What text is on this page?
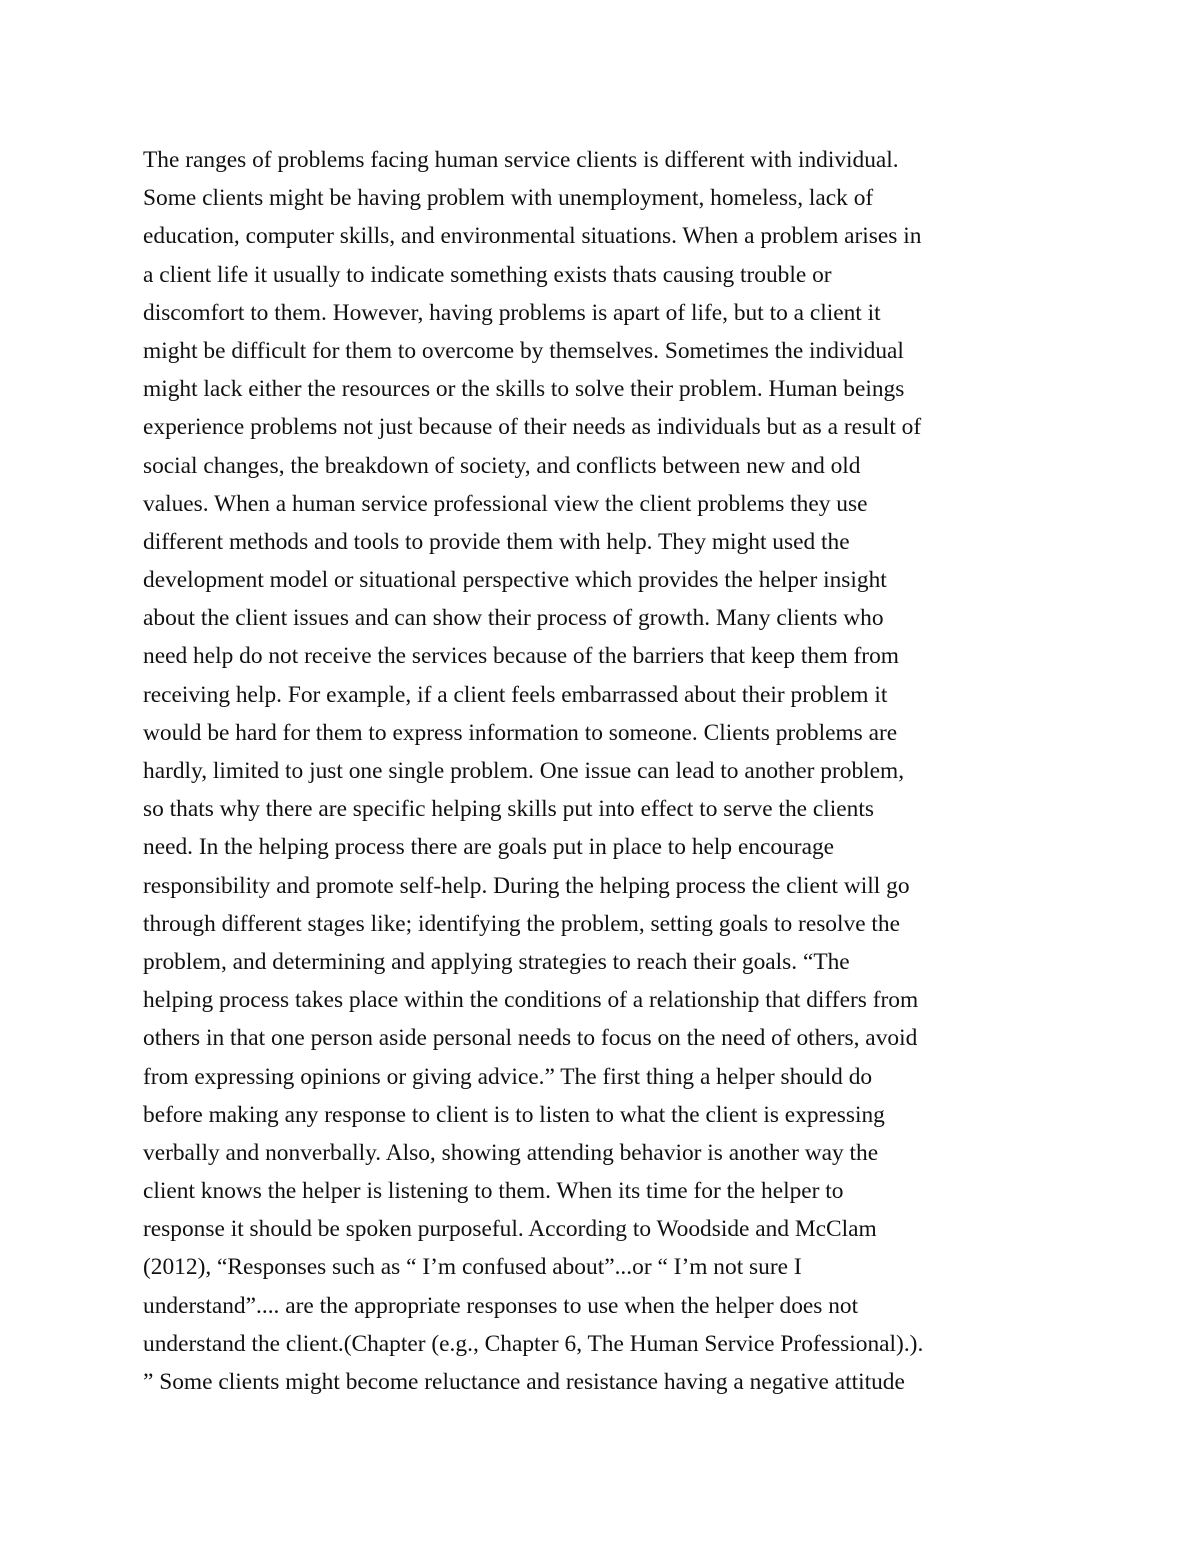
The ranges of problems facing human service clients is different with individual.
Some clients might be having problem with unemployment, homeless, lack of
education, computer skills, and environmental situations. When a problem arises in
a client life it usually to indicate something exists thats causing trouble or
discomfort to them. However, having problems is apart of life, but to a client it
might be difficult for them to overcome by themselves. Sometimes the individual
might lack either the resources or the skills to solve their problem. Human beings
experience problems not just because of their needs as individuals but as a result of
social changes, the breakdown of society, and conflicts between new and old
values. When a human service professional view the client problems they use
different methods and tools to provide them with help. They might used the
development model or situational perspective which provides the helper insight
about the client issues and can show their process of growth. Many clients who
need help do not receive the services because of the barriers that keep them from
receiving help. For example, if a client feels embarrassed about their problem it
would be hard for them to express information to someone. Clients problems are
hardly, limited to just one single problem. One issue can lead to another problem,
so thats why there are specific helping skills put into effect to serve the clients
need. In the helping process there are goals put in place to help encourage
responsibility and promote self-help. During the helping process the client will go
through different stages like; identifying the problem, setting goals to resolve the
problem, and determining and applying strategies to reach their goals. “The
helping process takes place within the conditions of a relationship that differs from
others in that one person aside personal needs to focus on the need of others, avoid
from expressing opinions or giving advice.” The first thing a helper should do
before making any response to client is to listen to what the client is expressing
verbally and nonverbally. Also, showing attending behavior is another way the
client knows the helper is listening to them. When its time for the helper to
response it should be spoken purposeful. According to Woodside and McClam
(2012), “Responses such as “ I’m confused about”...or “ I’m not sure I
understand”.... are the appropriate responses to use when the helper does not
understand the client.(Chapter (e.g., Chapter 6, The Human Service Professional).).
” Some clients might become reluctance and resistance having a negative attitude
